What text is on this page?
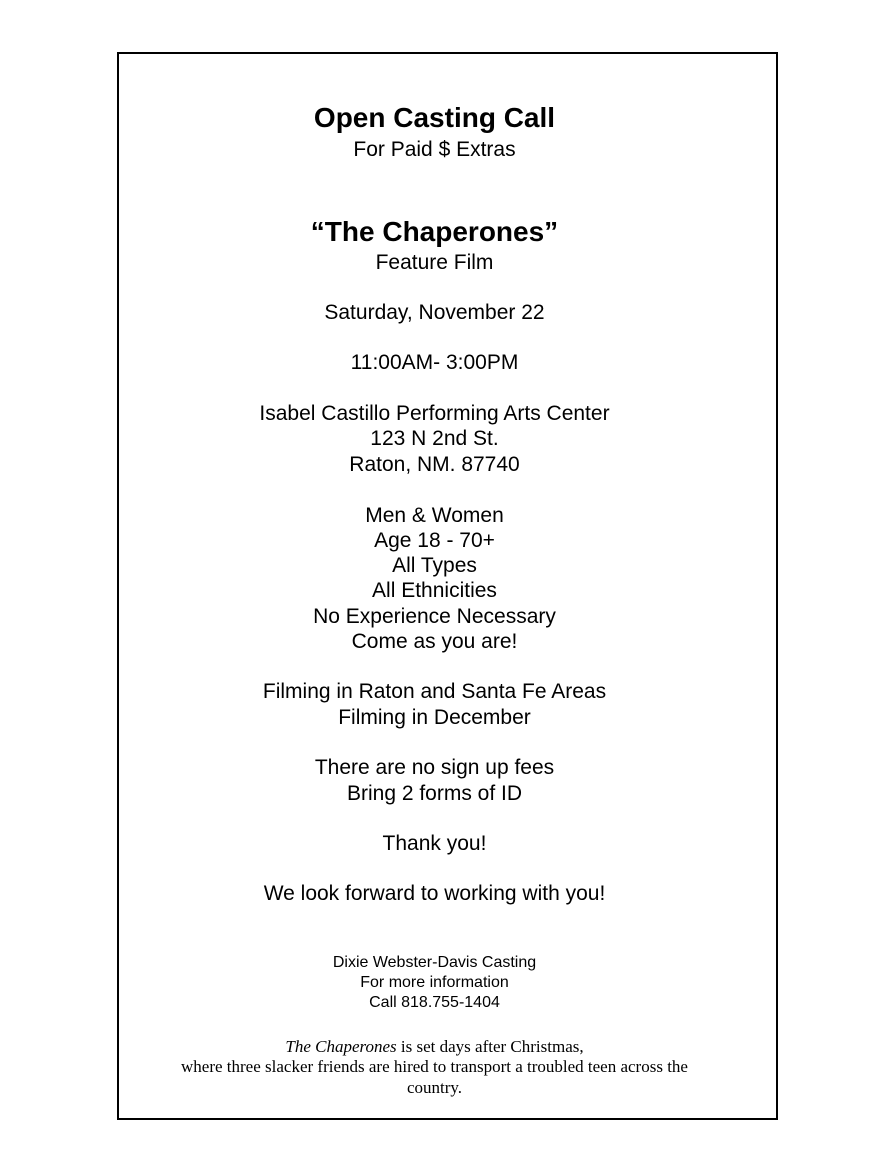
Open Casting Call
For Paid $ Extras
“The Chaperones”
Feature Film
Saturday, November 22
11:00AM- 3:00PM
Isabel Castillo Performing Arts Center
123 N 2nd St.
Raton, NM. 87740
Men & Women
Age 18 - 70+
All Types
All Ethnicities
No Experience Necessary
Come as you are!
Filming in Raton and Santa Fe Areas
Filming in December
There are no sign up fees
Bring 2 forms of ID
Thank you!
We look forward to working with you!
Dixie Webster-Davis Casting
For more information
Call 818.755-1404
The Chaperones is set days after Christmas,
where three slacker friends are hired to transport a troubled teen across the
country.
